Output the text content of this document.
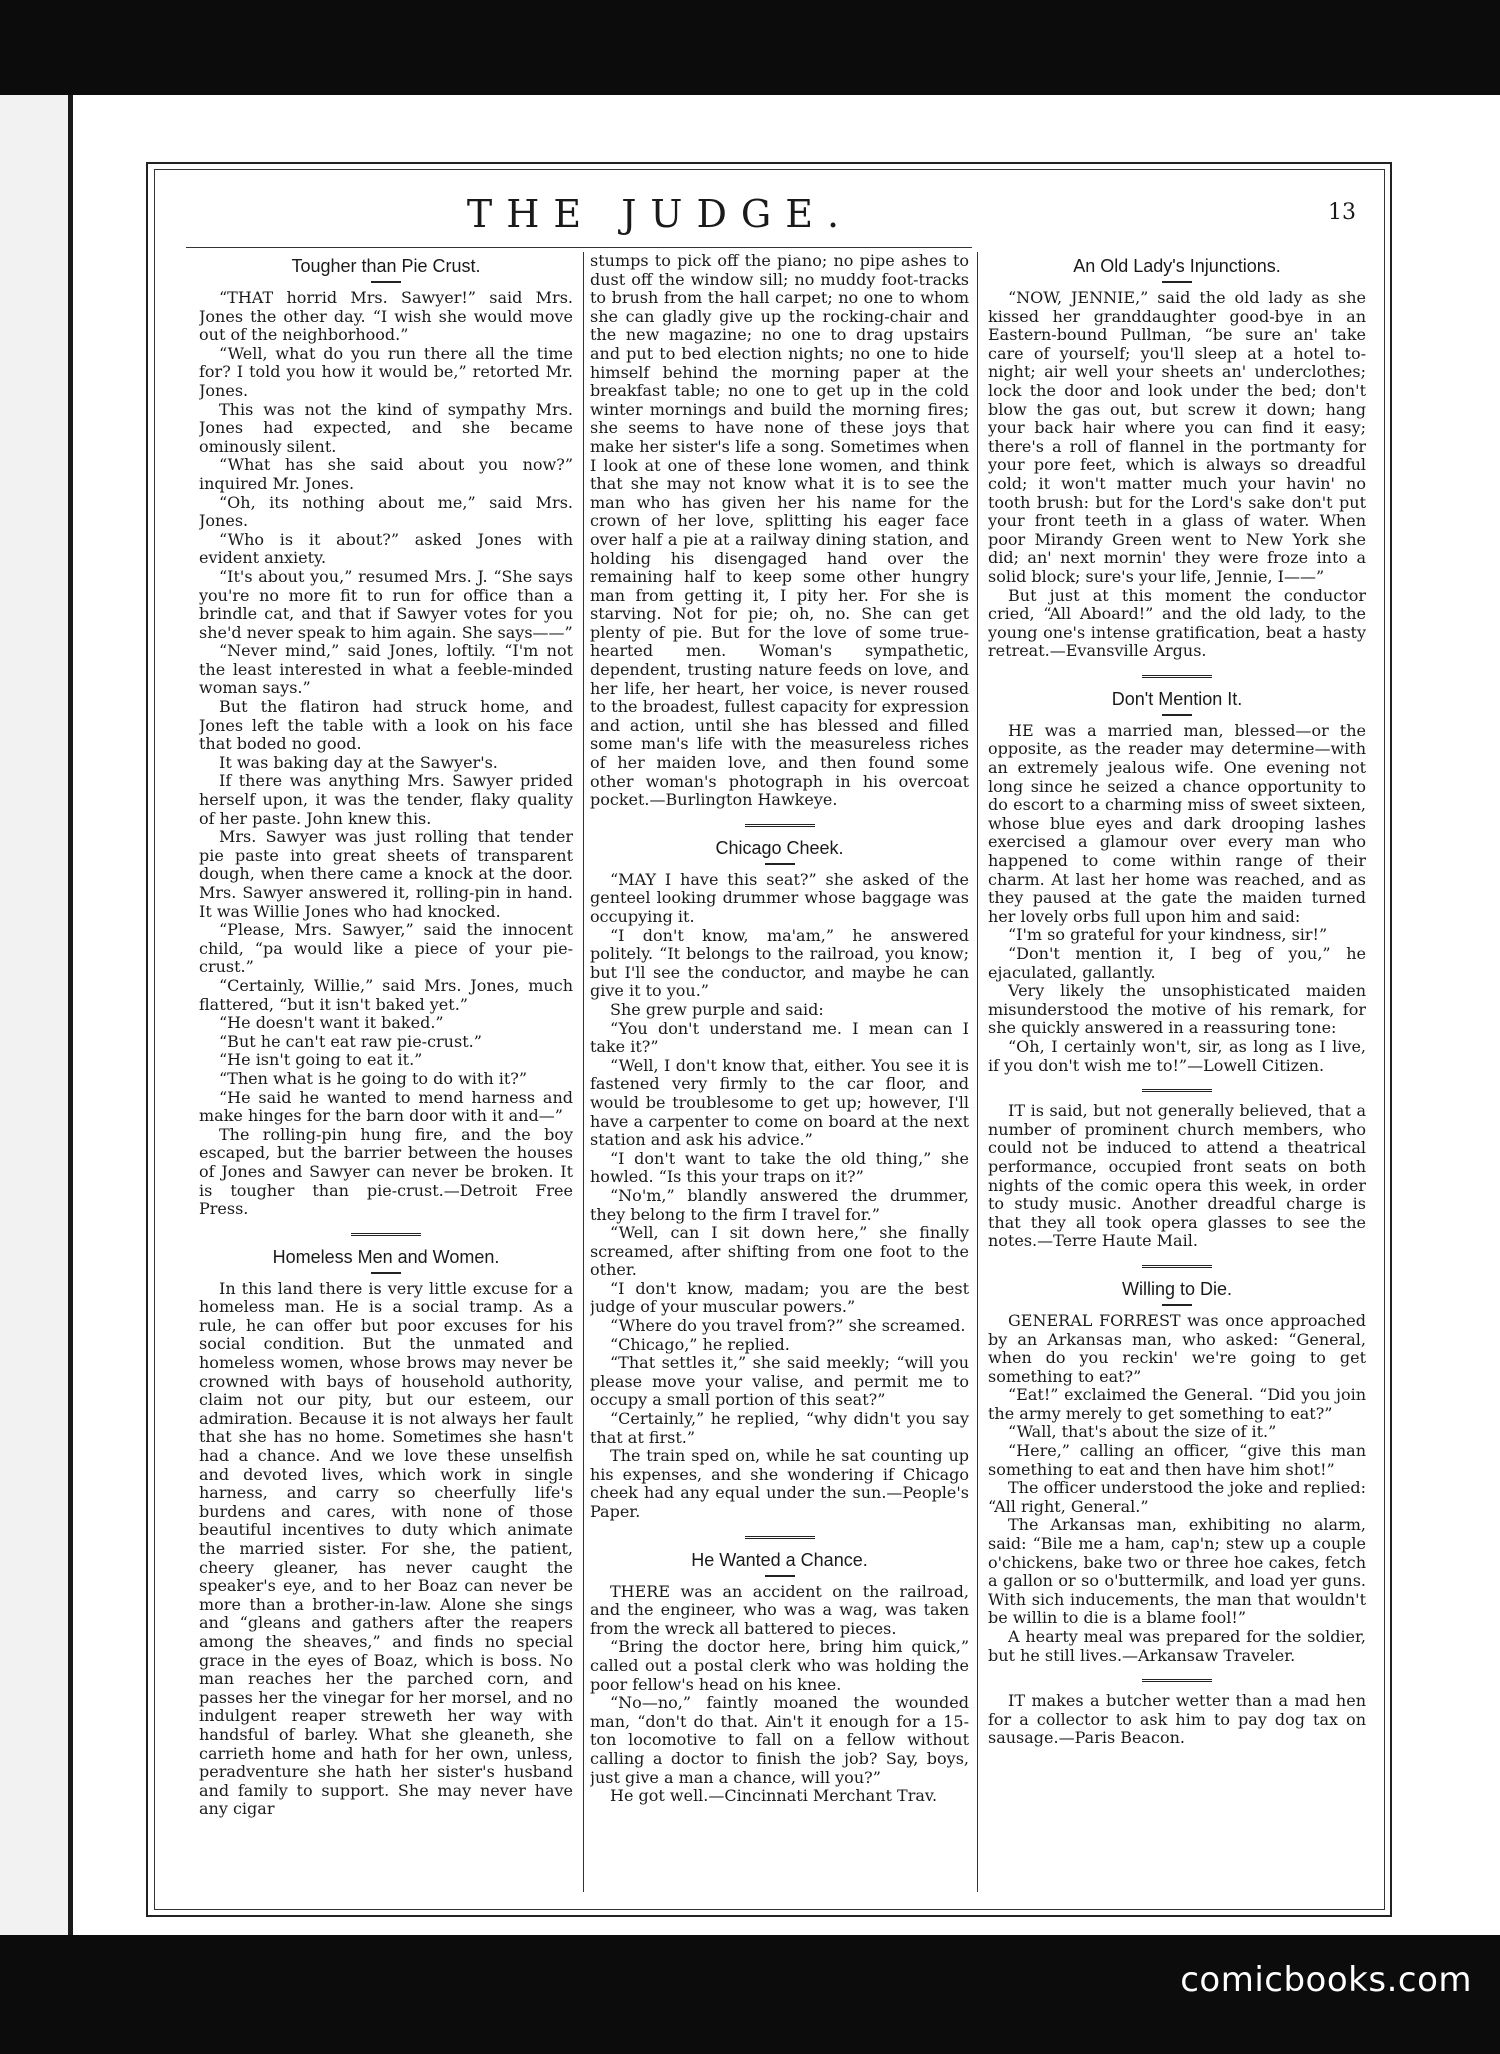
comicbooks.com
THE JUDGE.	13
Tougher than Pie Crust.

“THAT horrid Mrs. Sawyer!” said Mrs. Jones the other day. “I wish she would move out of the neighborhood.”

“Well, what do you run there all the time for? I told you how it would be,” retorted Mr. Jones.

This was not the kind of sympathy Mrs. Jones had expected, and she became ominously silent.

“What has she said about you now?” inquired Mr. Jones.

“Oh, its nothing about me,” said Mrs. Jones.

“Who is it about?” asked Jones with evident anxiety.

“It's about you,” resumed Mrs. J. “She says you're no more fit to run for office than a brindle cat, and that if Sawyer votes for you she'd never speak to him again. She says——”

“Never mind,” said Jones, loftily. “I'm not the least interested in what a feeble-minded woman says.”

But the flatiron had struck home, and Jones left the table with a look on his face that boded no good.

It was baking day at the Sawyer's.

If there was anything Mrs. Sawyer prided herself upon, it was the tender, flaky quality of her paste. John knew this.

Mrs. Sawyer was just rolling that tender pie paste into great sheets of transparent dough, when there came a knock at the door. Mrs. Sawyer answered it, rolling-pin in hand. It was Willie Jones who had knocked.

“Please, Mrs. Sawyer,” said the innocent child, “pa would like a piece of your pie-crust.”

“Certainly, Willie,” said Mrs. Jones, much flattered, “but it isn't baked yet.”

“He doesn't want it baked.”

“But he can't eat raw pie-crust.”

“He isn't going to eat it.”

“Then what is he going to do with it?”

“He said he wanted to mend harness and make hinges for the barn door with it and—”

The rolling-pin hung fire, and the boy escaped, but the barrier between the houses of Jones and Sawyer can never be broken. It is tougher than pie-crust.—Detroit Free Press.

Homeless Men and Women.

In this land there is very little excuse for a homeless man. He is a social tramp. As a rule, he can offer but poor excuses for his social condition. But the unmated and homeless women, whose brows may never be crowned with bays of household authority, claim not our pity, but our esteem, our admiration. Because it is not always her fault that she has no home. Sometimes she hasn't had a chance. And we love these unselfish and devoted lives, which work in single harness, and carry so cheerfully life's burdens and cares, with none of those beautiful incentives to duty which animate the married sister. For she, the patient, cheery gleaner, has never caught the speaker's eye, and to her Boaz can never be more than a brother-in-law. Alone she sings and “gleans and gathers after the reapers among the sheaves,” and finds no special grace in the eyes of Boaz, which is boss. No man reaches her the parched corn, and passes her the vinegar for her morsel, and no indulgent reaper streweth her way with handsful of barley. What she gleaneth, she carrieth home and hath for her own, unless, peradventure she hath her sister's husband and family to support. She may never have any cigar

stumps to pick off the piano; no pipe ashes to dust off the window sill; no muddy foot-tracks to brush from the hall carpet; no one to whom she can gladly give up the rocking-chair and the new magazine; no one to drag upstairs and put to bed election nights; no one to hide himself behind the morning paper at the breakfast table; no one to get up in the cold winter mornings and build the morning fires; she seems to have none of these joys that make her sister's life a song. Sometimes when I look at one of these lone women, and think that she may not know what it is to see the man who has given her his name for the crown of her love, splitting his eager face over half a pie at a railway dining station, and holding his disengaged hand over the remaining half to keep some other hungry man from getting it, I pity her. For she is starving. Not for pie; oh, no. She can get plenty of pie. But for the love of some true-hearted men. Woman's sympathetic, dependent, trusting nature feeds on love, and her life, her heart, her voice, is never roused to the broadest, fullest capacity for expression and action, until she has blessed and filled some man's life with the measureless riches of her maiden love, and then found some other woman's photograph in his overcoat pocket.—Burlington Hawkeye.

Chicago Cheek.

“MAY I have this seat?” she asked of the genteel looking drummer whose baggage was occupying it.

“I don't know, ma'am,” he answered politely. “It belongs to the railroad, you know; but I'll see the conductor, and maybe he can give it to you.”

She grew purple and said:

“You don't understand me. I mean can I take it?”

“Well, I don't know that, either. You see it is fastened very firmly to the car floor, and would be troublesome to get up; however, I'll have a carpenter to come on board at the next station and ask his advice.”

“I don't want to take the old thing,” she howled. “Is this your traps on it?”

“No'm,” blandly answered the drummer, they belong to the firm I travel for.”

“Well, can I sit down here,” she finally screamed, after shifting from one foot to the other.

“I don't know, madam; you are the best judge of your muscular powers.”

“Where do you travel from?” she screamed.

“Chicago,” he replied.

“That settles it,” she said meekly; “will you please move your valise, and permit me to occupy a small portion of this seat?”

“Certainly,” he replied, “why didn't you say that at first.”

The train sped on, while he sat counting up his expenses, and she wondering if Chicago cheek had any equal under the sun.—People's Paper.

He Wanted a Chance.

THERE was an accident on the railroad, and the engineer, who was a wag, was taken from the wreck all battered to pieces.

“Bring the doctor here, bring him quick,” called out a postal clerk who was holding the poor fellow's head on his knee.

“No—no,” faintly moaned the wounded man, “don't do that. Ain't it enough for a 15-ton locomotive to fall on a fellow without calling a doctor to finish the job? Say, boys, just give a man a chance, will you?”

He got well.—Cincinnati Merchant Trav.

An Old Lady's Injunctions.

“NOW, JENNIE,” said the old lady as she kissed her granddaughter good-bye in an Eastern-bound Pullman, “be sure an' take care of yourself; you'll sleep at a hotel to-night; air well your sheets an' underclothes; lock the door and look under the bed; don't blow the gas out, but screw it down; hang your back hair where you can find it easy; there's a roll of flannel in the portmanty for your pore feet, which is always so dreadful cold; it won't matter much your havin' no tooth brush: but for the Lord's sake don't put your front teeth in a glass of water. When poor Mirandy Green went to New York she did; an' next mornin' they were froze into a solid block; sure's your life, Jennie, I——”

But just at this moment the conductor cried, “All Aboard!” and the old lady, to the young one's intense gratification, beat a hasty retreat.—Evansville Argus.

Don't Mention It.

HE was a married man, blessed—or the opposite, as the reader may determine—with an extremely jealous wife. One evening not long since he seized a chance opportunity to do escort to a charming miss of sweet sixteen, whose blue eyes and dark drooping lashes exercised a glamour over every man who happened to come within range of their charm. At last her home was reached, and as they paused at the gate the maiden turned her lovely orbs full upon him and said:

“I'm so grateful for your kindness, sir!”

“Don't mention it, I beg of you,” he ejaculated, gallantly.

Very likely the unsophisticated maiden misunderstood the motive of his remark, for she quickly answered in a reassuring tone:

“Oh, I certainly won't, sir, as long as I live, if you don't wish me to!”—Lowell Citizen.

IT is said, but not generally believed, that a number of prominent church members, who could not be induced to attend a theatrical performance, occupied front seats on both nights of the comic opera this week, in order to study music. Another dreadful charge is that they all took opera glasses to see the notes.—Terre Haute Mail.

Willing to Die.

GENERAL FORREST was once approached by an Arkansas man, who asked: “General, when do you reckin' we're going to get something to eat?”

“Eat!” exclaimed the General. “Did you join the army merely to get something to eat?”

“Wall, that's about the size of it.”

“Here,” calling an officer, “give this man something to eat and then have him shot!”

The officer understood the joke and replied: “All right, General.”

The Arkansas man, exhibiting no alarm, said: “Bile me a ham, cap'n; stew up a couple o'chickens, bake two or three hoe cakes, fetch a gallon or so o'buttermilk, and load yer guns. With sich inducements, the man that wouldn't be willin to die is a blame fool!”

A hearty meal was prepared for the soldier, but he still lives.—Arkansaw Traveler.

IT makes a butcher wetter than a mad hen for a collector to ask him to pay dog tax on sausage.—Paris Beacon.
